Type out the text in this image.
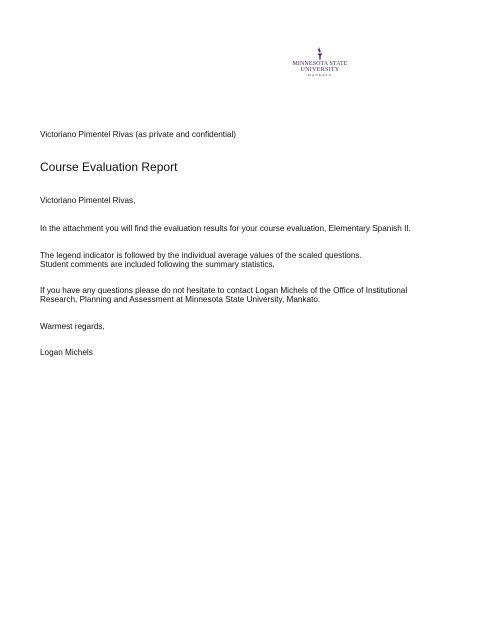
MINNESOTA STATE
UNIVERSITY
MANKATO
Victoriano Pimentel Rivas (as private and confidential)
Course Evaluation Report
Victoriano Pimentel Rivas,
In the attachment you will find the evaluation results for your course evaluation, Elementary Spanish II.
The legend indicator is followed by the individual average values of the scaled questions.
Student comments are included following the summary statistics.
If you have any questions please do not hesitate to contact Logan Michels of the Office of Institutional
Research, Planning and Assessment at Minnesota State University, Mankato.
Warmest regards,
Logan Michels
